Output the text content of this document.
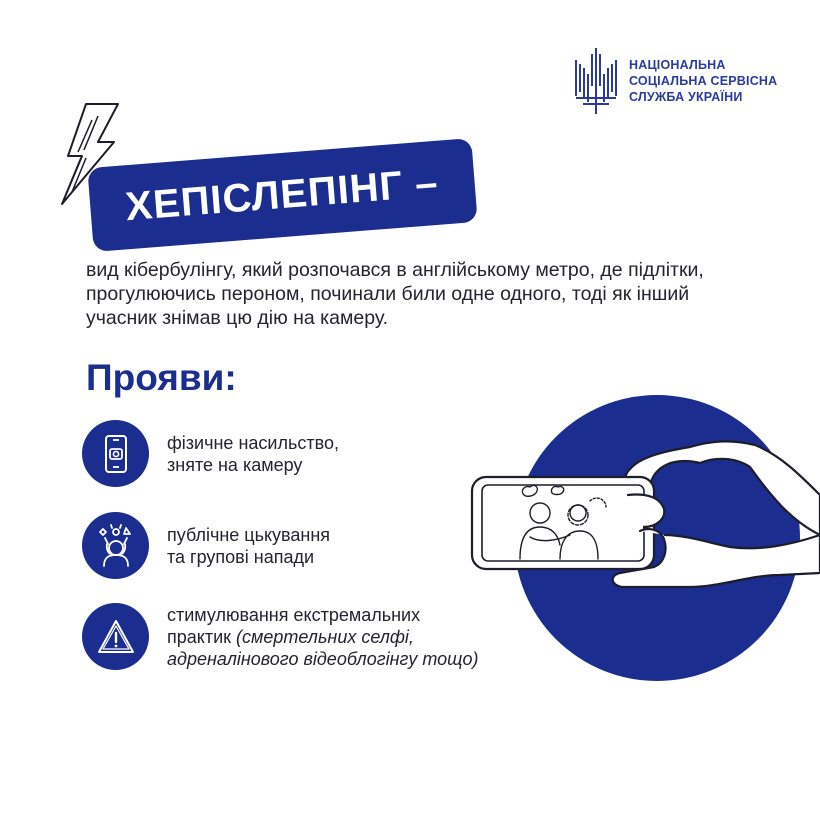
НАЦІОНАЛЬНА
СОЦІАЛЬНА СЕРВІСНА
СЛУЖБА УКРАЇНИ
ХЕПІСЛЕПІНГ –
вид кібербулінгу, який розпочався в англійському метро, де підлітки, прогулюючись пероном, починали били одне одного, тоді як інший учасник знімав цю дію на камеру.
Прояви:
фізичне насильство,
зняте на камеру
публічне цькування
та групові напади
стимулювання екстремальних
практик (смертельних селфі,
адреналінового відеоблогінгу тощо)
